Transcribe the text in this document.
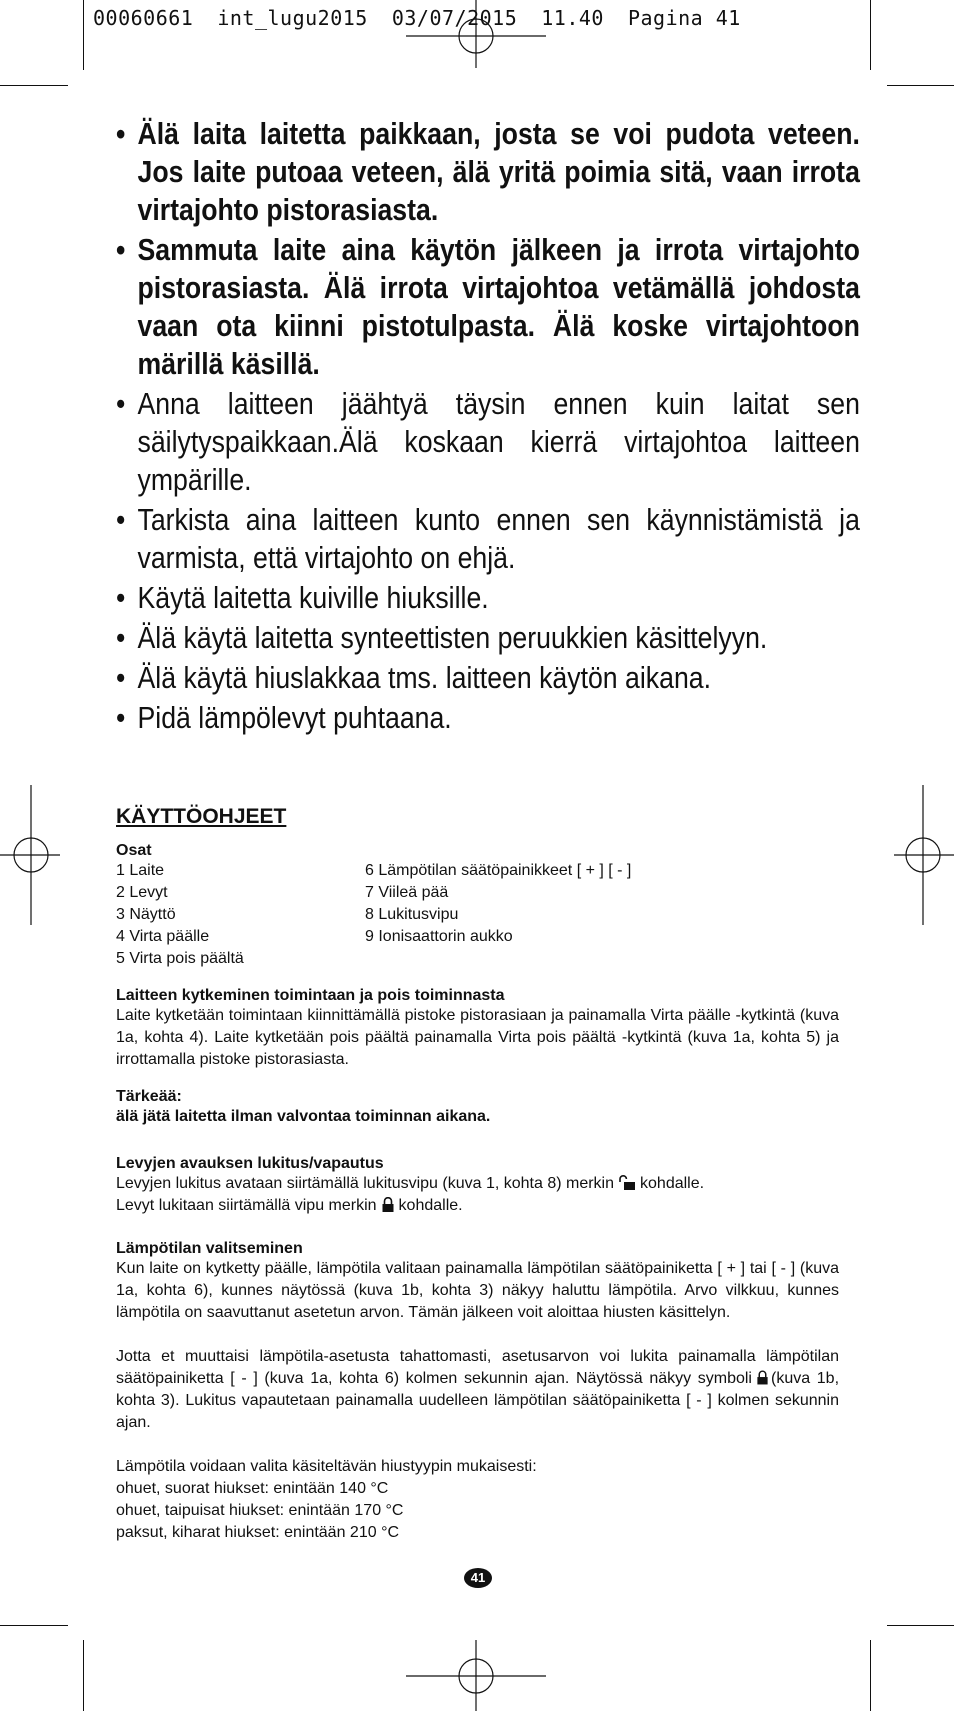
00060661 int_lugu2015 03/07/2015 11.40 Pagina 41
• Älä laita laitetta paikkaan, josta se voi pudota veteen. Jos laite putoaa veteen, älä yritä poimia sitä, vaan irrota virtajohto pistorasiasta.
• Sammuta laite aina käytön jälkeen ja irrota virtajohto pistorasiasta. Älä irrota virtajohtoa vetämällä johdosta vaan ota kiinni pistotulpasta. Älä koske virtajohtoon märillä käsillä.
• Anna laitteen jäähtyä täysin ennen kuin laitat sen säilytyspaikkaan.Älä koskaan kierrä virtajohtoa laitteen ympärille.
• Tarkista aina laitteen kunto ennen sen käynnistämistä ja varmista, että virtajohto on ehjä.
• Käytä laitetta kuiville hiuksille.
• Älä käytä laitetta synteettisten peruukkien käsittelyyn.
• Älä käytä hiuslakkaa tms. laitteen käytön aikana.
• Pidä lämpölevyt puhtaana.
KÄYTTÖOHJEET
Osat
1 Laite
2 Levyt
3 Näyttö
4 Virta päälle
5 Virta pois päältä
6 Lämpötilan säätöpainikkeet [ + ] [ - ]
7 Viileä pää
8 Lukitusvipu
9 Ionisaattorin aukko
Laitteen kytkeminen toimintaan ja pois toiminnasta

Laite kytketään toimintaan kiinnittämällä pistoke pistorasiaan ja painamalla Virta päälle -kytkintä (kuva 1a, kohta 4). Laite kytketään pois päältä painamalla Virta pois päältä -kytkintä (kuva 1a, kohta 5) ja irrottamalla pistoke pistorasiasta.

Tärkeää:

älä jätä laitetta ilman valvontaa toiminnan aikana.

Levyjen avauksen lukitus/vapautus

Levyjen lukitus avataan siirtämällä lukitusvipu (kuva 1, kohta 8) merkin kohdalle.

Levyt lukitaan siirtämällä vipu merkin kohdalle.

Lämpötilan valitseminen

Kun laite on kytketty päälle, lämpötila valitaan painamalla lämpötilan säätöpainiketta [ + ] tai [ - ] (kuva 1a, kohta 6), kunnes näytössä (kuva 1b, kohta 3) näkyy haluttu lämpötila. Arvo vilkkuu, kunnes lämpötila on saavuttanut asetetun arvon. Tämän jälkeen voit aloittaa hiusten käsittelyn.

Jotta et muuttaisi lämpötila-asetusta tahattomasti, asetusarvon voi lukita painamalla lämpötilan säätöpainiketta [ - ] (kuva 1a, kohta 6) kolmen sekunnin ajan. Näytössä näkyy symboli (kuva 1b, kohta 3). Lukitus vapautetaan painamalla uudelleen lämpötilan säätöpainiketta [ - ] kolmen sekunnin ajan.

Lämpötila voidaan valita käsiteltävän hiustyypin mukaisesti:

ohuet, suorat hiukset: enintään 140 °C

ohuet, taipuisat hiukset: enintään 170 °C

paksut, kiharat hiukset: enintään 210 °C

41
